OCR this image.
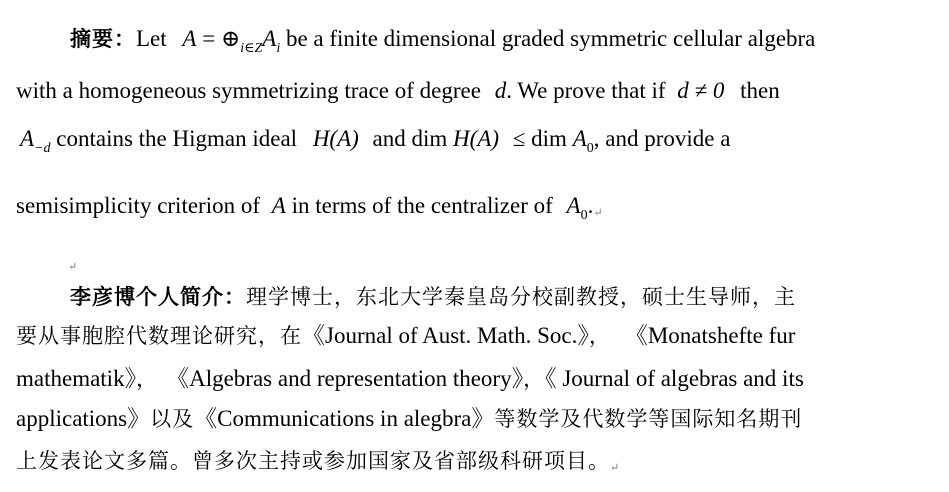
摘要：Let $A = \oplus_{i\in Z}A_i$ be a finite dimensional graded symmetric cellular algebra
with a homogeneous symmetrizing trace of degree d. We prove that if d ≠ 0 then
$A_{-d}$ contains the Higman ideal H(A) and dim H(A) ≤ dim $A_0$, and provide a
semisimplicity criterion of A in terms of the centralizer of $A_0.↵$
↵
李彦博个人简介：理学博士，东北大学秦皇岛分校副教授，硕士生导师，主
要从事胞腔代数理论研究，在《Journal of Aust. Math. Soc.》， 《Monatshefte fur
mathematik》， 《Algebras and representation theory》，《 Journal of algebras and its
applications》以及《Communications in alegbra》等数学及代数学等国际知名期刊
上发表论文多篇。曾多次主持或参加国家及省部级科研项目。↵
